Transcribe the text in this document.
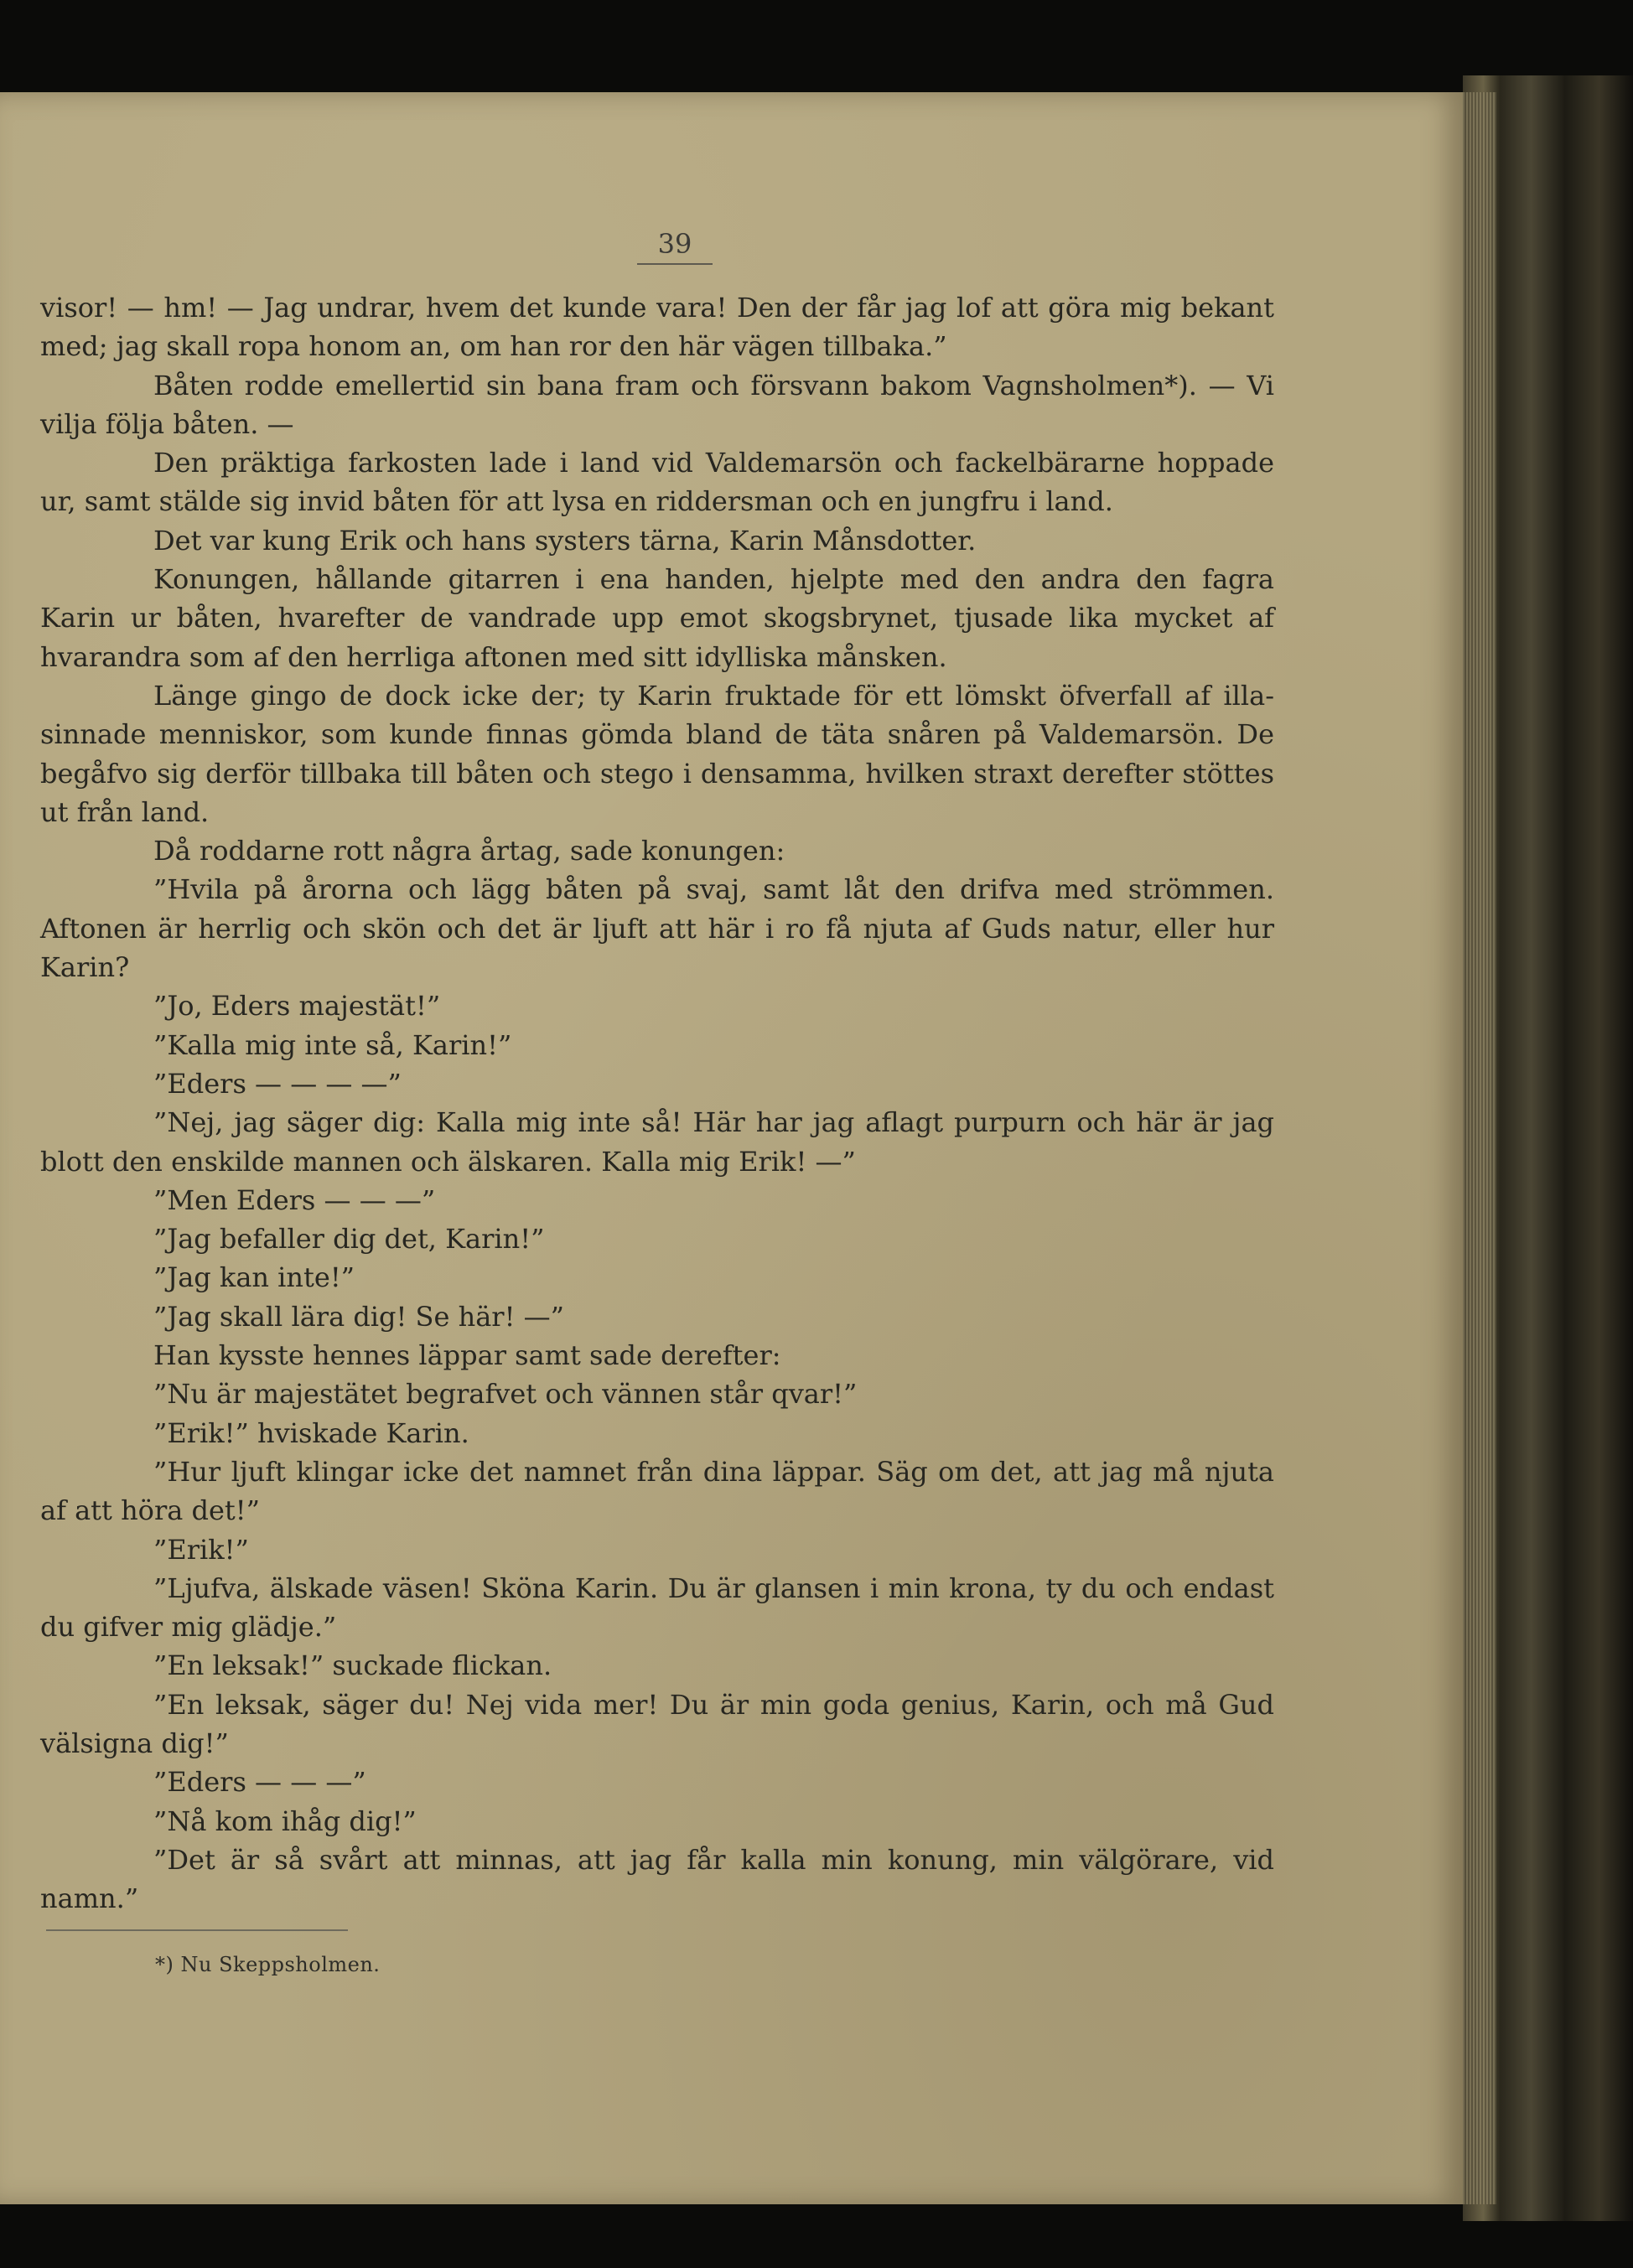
39

visor! — hm! — Jag undrar, hvem det kunde vara! Den der får jag lof att göra mig bekant med; jag skall ropa honom an, om han ror den här vägen tillbaka.”

Båten rodde emellertid sin bana fram och försvann bakom Vagnsholmen*). — Vi vilja följa båten. —

Den präktiga farkosten lade i land vid Valdemarsön och fackelbärarne hoppade ur, samt stälde sig invid båten för att lysa en riddersman och en jungfru i land.

Det var kung Erik och hans systers tärna, Karin Månsdotter.

Konungen, hållande gitarren i ena handen, hjelpte med den andra den fagra Karin ur båten, hvarefter de vandrade upp emot skogsbrynet, tjusade lika mycket af hvarandra som af den herrliga aftonen med sitt idylliska månsken.

Länge gingo de dock icke der; ty Karin fruktade för ett lömskt öfverfall af illa-sinnade menniskor, som kunde finnas gömda bland de täta snåren på Valdemarsön. De begåfvo sig derför tillbaka till båten och stego i densamma, hvilken straxt derefter stöttes ut från land.

Då roddarne rott några årtag, sade konungen:

”Hvila på årorna och lägg båten på svaj, samt låt den drifva med strömmen. Aftonen är herrlig och skön och det är ljuft att här i ro få njuta af Guds natur, eller hur Karin?

”Jo, Eders majestät!”

”Kalla mig inte så, Karin!”

”Eders — — — —”

”Nej, jag säger dig: Kalla mig inte så! Här har jag aflagt purpurn och här är jag blott den enskilde mannen och älskaren. Kalla mig Erik! —”

”Men Eders — — —”

”Jag befaller dig det, Karin!”

”Jag kan inte!”

”Jag skall lära dig! Se här! —”

Han kysste hennes läppar samt sade derefter:

”Nu är majestätet begrafvet och vännen står qvar!”

”Erik!” hviskade Karin.

”Hur ljuft klingar icke det namnet från dina läppar. Säg om det, att jag må njuta af att höra det!”

”Erik!”

”Ljufva, älskade väsen! Sköna Karin. Du är glansen i min krona, ty du och endast du gifver mig glädje.”

”En leksak!” suckade flickan.

”En leksak, säger du! Nej vida mer! Du är min goda genius, Karin, och må Gud välsigna dig!”

”Eders — — —”

”Nå kom ihåg dig!”

”Det är så svårt att minnas, att jag får kalla min konung, min välgörare, vid namn.”

*) Nu Skeppsholmen.
